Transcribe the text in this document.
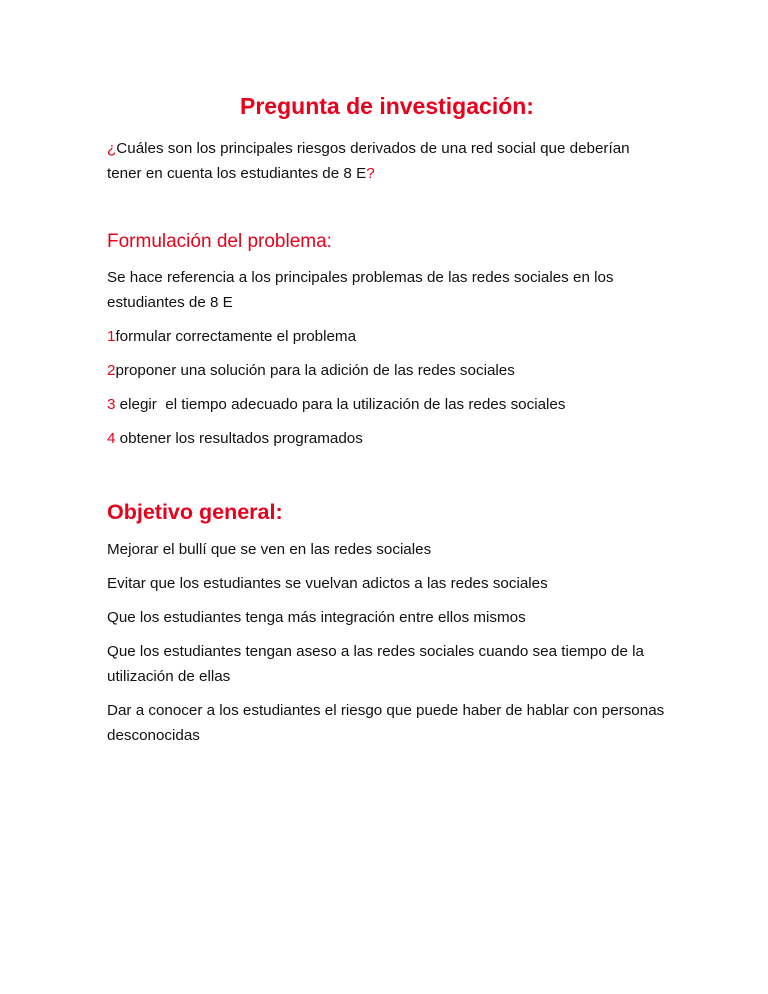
Pregunta de investigación:

¿Cuáles son los principales riesgos derivados de una red social que deberían tener en cuenta los estudiantes de 8 E?

Formulación del problema:

Se hace referencia a los principales problemas de las redes sociales en los estudiantes de 8 E

1formular correctamente el problema

2proponer una solución para la adición de las redes sociales

3 elegir  el tiempo adecuado para la utilización de las redes sociales

4 obtener los resultados programados

Objetivo general:

Mejorar el bullí que se ven en las redes sociales

Evitar que los estudiantes se vuelvan adictos a las redes sociales

Que los estudiantes tenga más integración entre ellos mismos

Que los estudiantes tengan aseso a las redes sociales cuando sea tiempo de la utilización de ellas

Dar a conocer a los estudiantes el riesgo que puede haber de hablar con personas desconocidas
